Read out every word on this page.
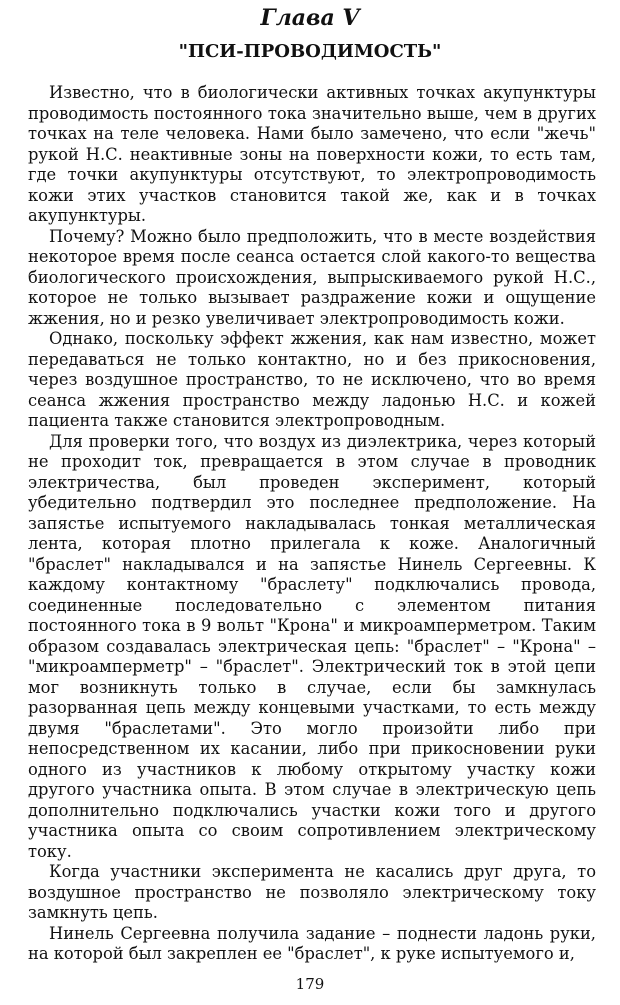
Глава V
"ПСИ-ПРОВОДИМОСТЬ"

Известно, что в биологически активных точках акупунктуры проводимость постоянного тока значительно выше, чем в других точках на теле человека. Нами было замечено, что если "жечь" рукой Н.С. неактивные зоны на поверхности кожи, то есть там, где точки акупунктуры отсутствуют, то электропроводимость кожи этих участков становится такой же, как и в точках акупунктуры.

Почему? Можно было предположить, что в месте воздействия некоторое время после сеанса остается слой какого-то вещества биологического происхождения, выпрыскиваемого рукой Н.С., которое не только вызывает раздражение кожи и ощущение жжения, но и резко увеличивает электропроводимость кожи.

Однако, поскольку эффект жжения, как нам известно, может передаваться не только контактно, но и без прикосновения, через воздушное пространство, то не исключено, что во время сеанса жжения пространство между ладонью Н.С. и кожей пациента также становится электропроводным.

Для проверки того, что воздух из диэлектрика, через который не проходит ток, превращается в этом случае в проводник электричества, был проведен эксперимент, который убедительно подтвердил это последнее предположение. На запястье испытуемого накладывалась тонкая металлическая лента, которая плотно прилегала к коже. Аналогичный "браслет" накладывался и на запястье Нинель Сергеевны. К каждому контактному "браслету" подключались провода, соединенные последовательно с элементом питания постоянного тока в 9 вольт "Крона" и микроамперметром. Таким образом создавалась электрическая цепь: "браслет" – "Крона" – "микроамперметр" – "браслет". Электрический ток в этой цепи мог возникнуть только в случае, если бы замкнулась разорванная цепь между концевыми участками, то есть между двумя "браслетами". Это могло произойти либо при непосредственном их касании, либо при прикосновении руки одного из участников к любому открытому участку кожи другого участника опыта. В этом случае в электрическую цепь дополнительно подключались участки кожи того и другого участника опыта со своим сопротивлением электрическому току.

Когда участники эксперимента не касались друг друга, то воздушное пространство не позволяло электрическому току замкнуть цепь.

Нинель Сергеевна получила задание – поднести ладонь руки, на которой был закреплен ее "браслет", к руке испытуемого и,

179
